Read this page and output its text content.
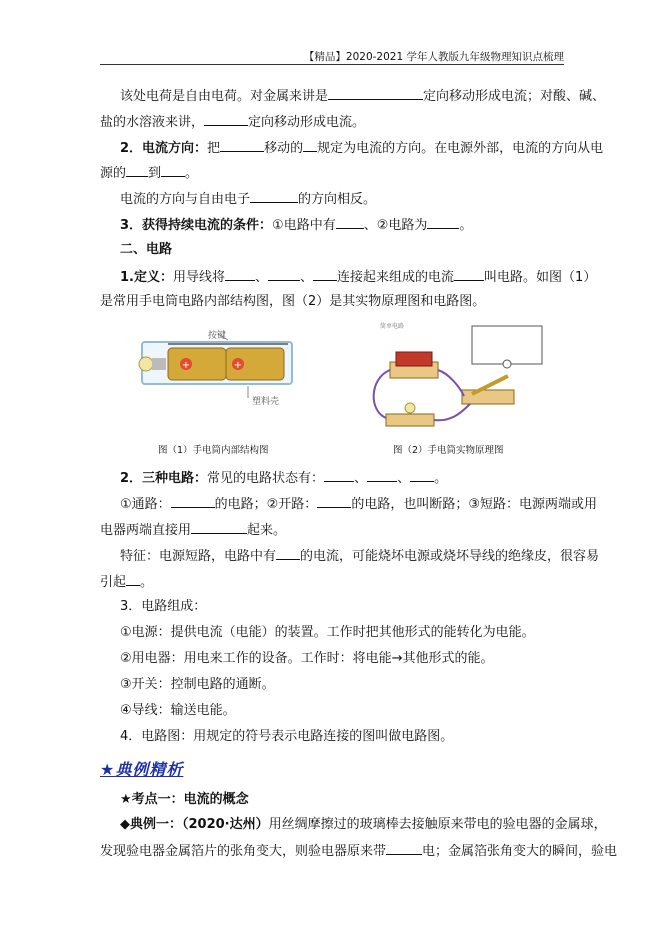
【精品】2020-2021 学年人教版九年级物理知识点梳理
该处电荷是自由电荷。对金属来讲是	定向移动形成电流；对酸、碱、
盐的水溶液来讲，	定向移动形成电流。
2．电流方向：把	移动的 规定为电流的方向。在电源外部，电流的方向从电
源的 到 。
电流的方向与自由电子	的方向相反。
3．获得持续电流的条件：①电路中有 、②电路为 。
二、电路
1.定义：用导线将 、 、 连接起来组成的电流 叫电路。如图（1）
是常用手电筒电路内部结构图，图（2）是其实物原理图和电路图。
+	+
按键
塑料壳
图（1）手电筒内部结构图
简单电路
图（2）手电筒实物原理图
2．三种电路：常见的电路状态有： 、 、 。
①通路：	的电路；②开路：	的电路，也叫断路；③短路：电源两端或用
电器两端直接用	起来。
特征：电源短路，电路中有 的电流，可能烧坏电源或烧坏导线的绝缘皮，很容易
引起 。
3．电路组成：
①电源：提供电流（电能）的装置。工作时把其他形式的能转化为电能。
②用电器：用电来工作的设备。工作时：将电能→其他形式的能。
③开关：控制电路的通断。
④导线：输送电能。
4．电路图：用规定的符号表示电路连接的图叫做电路图。
★典例精析
★考点一：电流的概念
◆典例一：（2020·达州）用丝绸摩擦过的玻璃棒去接触原来带电的验电器的金属球，
发现验电器金属箔片的张角变大，则验电器原来带	电；金属箔张角变大的瞬间，验电
